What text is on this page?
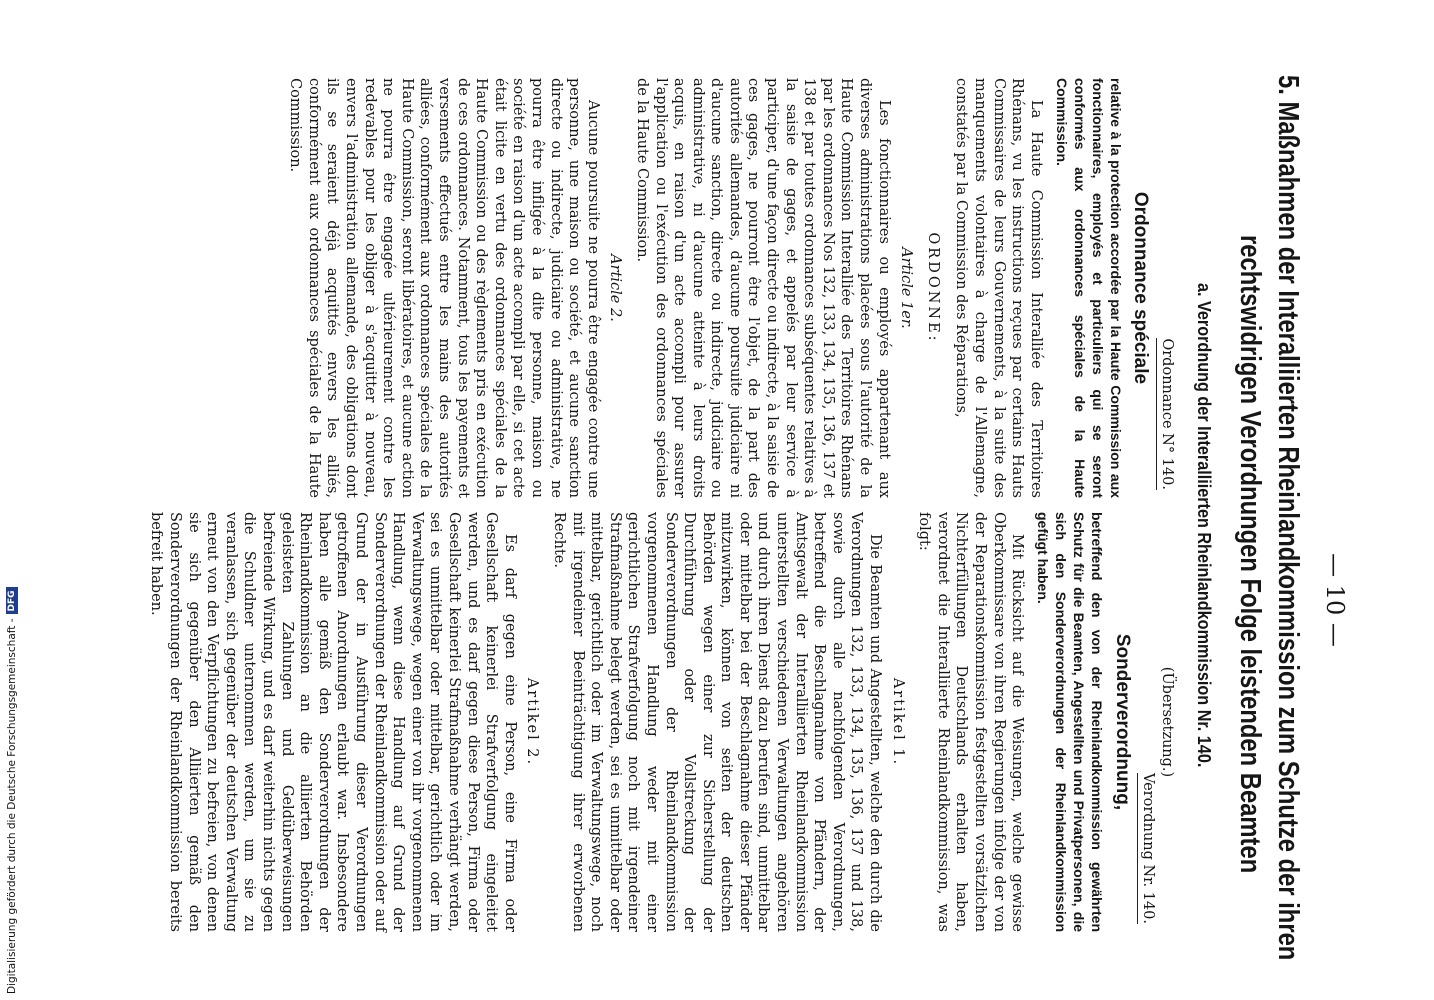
— 10 —
5. Maßnahmen der Interalliierten Rheinlandkommission zum Schutze der ihren
rechtswidrigen Verordnungen Folge leistenden Beamten
a. Verordnung der Interalliierten Rheinlandkommission Nr. 140.
Ordonnance N° 140.
Ordonnance spéciale
relative à la protection accordée par la Haute Commission aux fonctionnaires, employés et particuliers qui se seront conformés aux ordonnances spéciales de la Haute Commission.

La Haute Commission Interalliée des Territoires Rhénans, vu les instructions reçues par certains Hauts Commissaires de leurs Gouvernements, à la suite des manquements volontaires à charge de l'Allemagne, constatés par la Commission des Réparations,

ORDONNE:
Article 1er.

Les fonctionnaires ou employés appartenant aux diverses administrations placées sous l'autorité de la Haute Commission Interalliée des Territoires Rhénans par les ordonnances Nos 132, 133, 134, 135, 136, 137 et 138 et par toutes ordonnances subséquentes relatives à la saisie de gages, et appelés par leur service à participer, d'une façon directe ou indirecte, à la saisie de ces gages, ne pourront être l'objet, de la part des autorités allemandes, d'aucune poursuite judiciaire ni d'aucune sanction, directe ou indirecte, judiciaire ou administrative, ni d'aucune atteinte à leurs droits acquis, en raison d'un acte accompli pour assurer l'application ou l'exécution des ordonnances spéciales de la Haute Commission.

Article 2.

Aucune poursuite ne pourra être engagée contre une personne, une maison ou société, et aucune sanction directe ou indirecte, judiciaire ou administrative, ne pourra être infligée à la dite personne, maison ou société en raison d'un acte accompli par elle, si cet acte était licite en vertu des ordonnances spéciales de la Haute Commission ou des règlements pris en exécution de ces ordonnances. Notamment, tous les payements et versements effectués entre les mains des autorités alliées, conformément aux ordonnances spéciales de la Haute Commission, seront libératoires, et aucune action ne pourra être engagée ultérieurement contre les redevables pour les obliger à s'acquitter à nouveau, envers l'administration allemande, des obligations dont ils se seraient déjà acquittés envers les alliés, conformément aux ordonnances spéciales de la Haute Commission.

(Übersetzung.)
Verordnung Nr. 140.
Sonderverordnung,
betreffend den von der Rheinlandkommission gewährten Schutz für die Beamten, Angestellten und Privatpersonen, die sich den Sonderverordnungen der Rheinlandkommission gefügt haben.

Mit Rücksicht auf die Weisungen, welche gewisse Oberkommissare von ihren Regierungen infolge der von der Reparationskommission festgestellten vorsätzlichen Nichterfüllungen Deutschlands erhalten haben, verordnet die Interalliierte Rheinlandkommission, was folgt:

Artikel 1.

Die Beamten und Angestellten, welche den durch die Verordnungen 132, 133, 134, 135, 136, 137 und 138, sowie durch alle nachfolgenden Verordnungen, betreffend die Beschlagnahme von Pfändern, der Amtsgewalt der Interalliierten Rheinlandkommission unterstellten verschiedenen Verwaltungen angehören und durch ihren Dienst dazu berufen sind, unmittelbar oder mittelbar bei der Beschlagnahme dieser Pfänder mitzuwirken, können von seiten der deutschen Behörden wegen einer zur Sicherstellung der Durchführung oder Vollstreckung der Sonderverordnungen der Rheinlandkommission vorgenommenen Handlung weder mit einer gerichtlichen Strafverfolgung noch mit irgendeiner Strafmaßnahme belegt werden, sei es unmittelbar oder mittelbar, gerichtlich oder im Verwaltungswege, noch mit irgendeiner Beeinträchtigung ihrer erworbenen Rechte.

Artikel 2.

Es darf gegen eine Person, eine Firma oder Gesellschaft keinerlei Strafverfolgung eingeleitet werden, und es darf gegen diese Person, Firma oder Gesellschaft keinerlei Strafmaßnahme verhängt werden, sei es unmittelbar oder mittelbar, gerichtlich oder im Verwaltungswege, wegen einer von ihr vorgenommenen Handlung, wenn diese Handlung auf Grund der Sonderverordnungen der Rheinlandkommission oder auf Grund der in Ausführung dieser Verordnungen getroffenen Anordnungen erlaubt war. Insbesondere haben alle gemäß den Sonderverordnungen der Rheinlandkommission an die alliierten Behörden geleisteten Zahlungen und Geldüberweisungen befreiende Wirkung, und es darf weiterhin nichts gegen die Schuldner unternommen werden, um sie zu veranlassen, sich gegenüber der deutschen Verwaltung erneut von den Verpflichtungen zu befreien, von denen sie sich gegenüber den Alliierten gemäß den Sonderverordnungen der Rheinlandkommission bereits befreit haben.

Digitalisierung gefördert durch die Deutsche Forschungsgemeinschaft -DFG
